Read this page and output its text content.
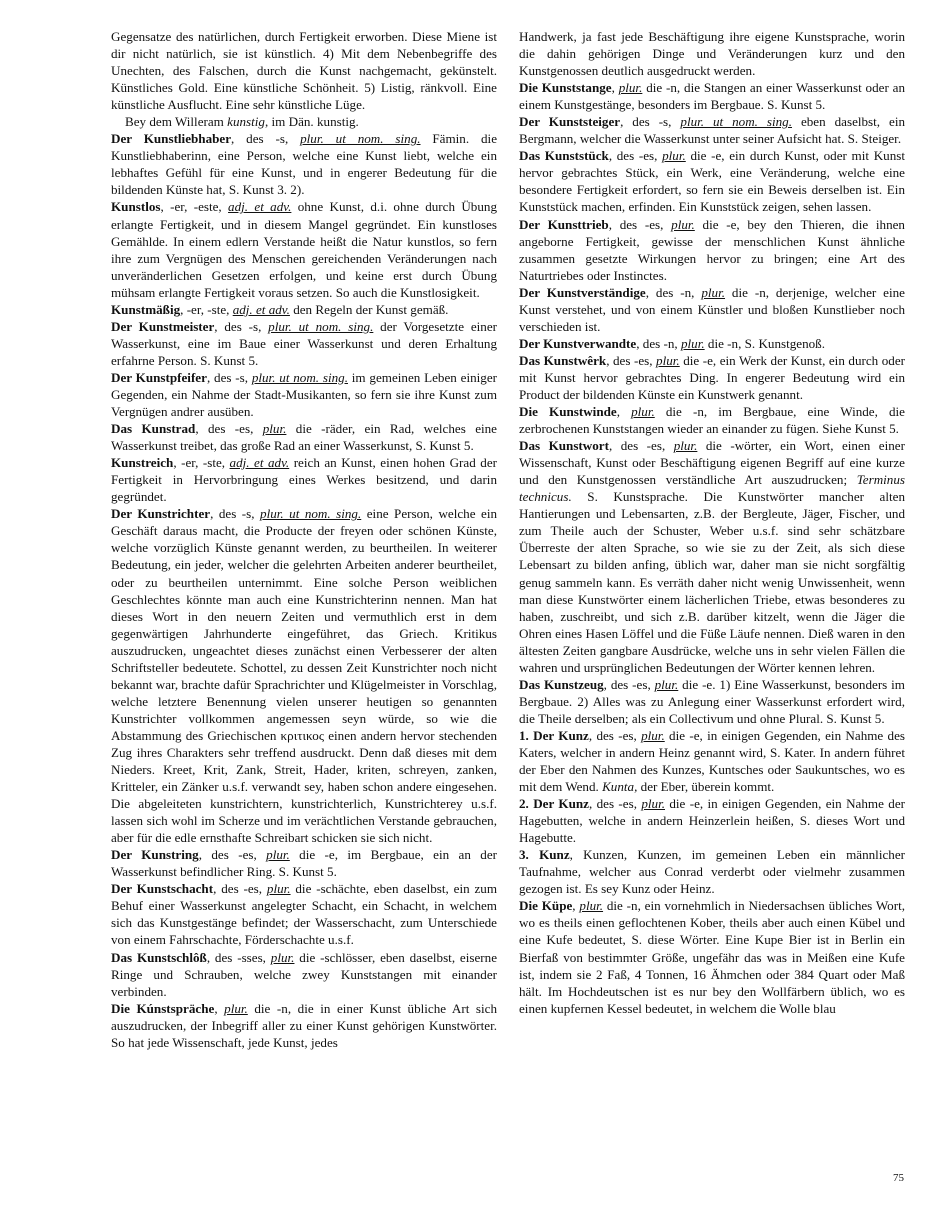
Gegensatze des natürlichen, durch Fertigkeit erworben. Diese Miene ist dir nicht natürlich, sie ist künstlich. 4) Mit dem Nebenbegriffe des Unechten, des Falschen, durch die Kunst nachgemacht, gekünstelt. Künstliches Gold. Eine künstliche Schönheit. 5) Listig, ränkvoll. Eine künstliche Ausflucht. Eine sehr künstliche Lüge.

Bey dem Willeram kunstig, im Dän. kunstig.

Der Kunstliebhaber, des -s, plur. ut nom. sing. Fämin. die Kunstliebhaberinn, eine Person, welche eine Kunst liebt, welche ein lebhaftes Gefühl für eine Kunst, und in engerer Bedeutung für die bildenden Künste hat, S. Kunst 3. 2).

Kunstlos, -er, -este, adj. et adv. ohne Kunst, d.i. ohne durch Übung erlangte Fertigkeit, und in diesem Mangel gegründet. Ein kunstloses Gemählde. In einem edlern Verstande heißt die Natur kunstlos, so fern ihre zum Vergnügen des Menschen gereichenden Veränderungen nach unveränderlichen Gesetzen erfolgen, und keine erst durch Übung mühsam erlangte Fertigkeit voraus setzen. So auch die Kunstlosigkeit.

Kunstmäßig, -er, -ste, adj. et adv. den Regeln der Kunst gemäß.

Der Kunstmeister, des -s, plur. ut nom. sing. der Vorgesetzte einer Wasserkunst, eine im Baue einer Wasserkunst und deren Erhaltung erfahrne Person. S. Kunst 5.

Der Kunstpfeifer, des -s, plur. ut nom. sing. im gemeinen Leben einiger Gegenden, ein Nahme der Stadt-Musikanten, so fern sie ihre Kunst zum Vergnügen andrer ausüben.

Das Kunstrad, des -es, plur. die -räder, ein Rad, welches eine Wasserkunst treibet, das große Rad an einer Wasserkunst, S. Kunst 5.

Kunstreich, -er, -ste, adj. et adv. reich an Kunst, einen hohen Grad der Fertigkeit in Hervorbringung eines Werkes besitzend, und darin gegründet.

Der Kunstrichter, des -s, plur. ut nom. sing. eine Person, welche ein Geschäft daraus macht, die Producte der freyen oder schönen Künste, welche vorzüglich Künste genannt werden, zu beurtheilen. In weiterer Bedeutung, ein jeder, welcher die gelehrten Arbeiten anderer beurtheilet, oder zu beurtheilen unternimmt. Eine solche Person weiblichen Geschlechtes könnte man auch eine Kunstrichterinn nennen. Man hat dieses Wort in den neuern Zeiten und vermuthlich erst in dem gegenwärtigen Jahrhunderte eingeführet, das Griech. Kritikus auszudrucken, ungeachtet dieses zunächst einen Verbesserer der alten Schriftsteller bedeutete. Schottel, zu dessen Zeit Kunstrichter noch nicht bekannt war, brachte dafür Sprachrichter und Klügelmeister in Vorschlag, welche letztere Benennung vielen unserer heutigen so genannten Kunstrichter vollkommen angemessen seyn würde, so wie die Abstammung des Griechischen κριτικος einen andern hervor stechenden Zug ihres Charakters sehr treffend ausdruckt. Denn daß dieses mit dem Nieders. Kreet, Krit, Zank, Streit, Hader, kriten, schreyen, zanken, Kritteler, ein Zänker u.s.f. verwandt sey, haben schon andere eingesehen. Die abgeleiteten kunstrichtern, kunstrichterlich, Kunstrichterey u.s.f. lassen sich wohl im Scherze und im verächtlichen Verstande gebrauchen, aber für die edle ernsthafte Schreibart schicken sie sich nicht.

Der Kunstring, des -es, plur. die -e, im Bergbaue, ein an der Wasserkunst befindlicher Ring. S. Kunst 5.

Der Kunstschacht, des -es, plur. die -schächte, eben daselbst, ein zum Behuf einer Wasserkunst angelegter Schacht, ein Schacht, in welchem sich das Kunstgestänge befindet; der Wasserschacht, zum Unterschiede von einem Fahrschachte, Förderschachte u.s.f.

Das Kunstschlôß, des -sses, plur. die -schlösser, eben daselbst, eiserne Ringe und Schrauben, welche zwey Kunststangen mit einander verbinden.

Die Kúnstspräche, plur. die -n, die in einer Kunst übliche Art sich auszudrucken, der Inbegriff aller zu einer Kunst gehörigen Kunstwörter. So hat jede Wissenschaft, jede Kunst, jedes

Handwerk, ja fast jede Beschäftigung ihre eigene Kunstsprache, worin die dahin gehörigen Dinge und Veränderungen kurz und den Kunstgenossen deutlich ausgedruckt werden.

Die Kunststange, plur. die -n, die Stangen an einer Wasserkunst oder an einem Kunstgestänge, besonders im Bergbaue. S. Kunst 5.

Der Kunststeiger, des -s, plur. ut nom. sing. eben daselbst, ein Bergmann, welcher die Wasserkunst unter seiner Aufsicht hat. S. Steiger.

Das Kunststück, des -es, plur. die -e, ein durch Kunst, oder mit Kunst hervor gebrachtes Stück, ein Werk, eine Veränderung, welche eine besondere Fertigkeit erfordert, so fern sie ein Beweis derselben ist. Ein Kunststück machen, erfinden. Ein Kunststück zeigen, sehen lassen.

Der Kunsttrieb, des -es, plur. die -e, bey den Thieren, die ihnen angeborne Fertigkeit, gewisse der menschlichen Kunst ähnliche zusammen gesetzte Wirkungen hervor zu bringen; eine Art des Naturtriebes oder Instinctes.

Der Kunstverständige, des -n, plur. die -n, derjenige, welcher eine Kunst verstehet, und von einem Künstler und bloßen Kunstlieber noch verschieden ist.

Der Kunstverwandte, des -n, plur. die -n, S. Kunstgenoß.

Das Kunstwêrk, des -es, plur. die -e, ein Werk der Kunst, ein durch oder mit Kunst hervor gebrachtes Ding. In engerer Bedeutung wird ein Product der bildenden Künste ein Kunstwerk genannt.

Die Kunstwinde, plur. die -n, im Bergbaue, eine Winde, die zerbrochenen Kunststangen wieder an einander zu fügen. Siehe Kunst 5.

Das Kunstwort, des -es, plur. die -wörter, ein Wort, einen einer Wissenschaft, Kunst oder Beschäftigung eigenen Begriff auf eine kurze und den Kunstgenossen verständliche Art auszudrucken; Terminus technicus. S. Kunstsprache. Die Kunstwörter mancher alten Hantierungen und Lebensarten, z.B. der Bergleute, Jäger, Fischer, und zum Theile auch der Schuster, Weber u.s.f. sind sehr schätzbare Überreste der alten Sprache, so wie sie zu der Zeit, als sich diese Lebensart zu bilden anfing, üblich war, daher man sie nicht sorgfältig genug sammeln kann. Es verräth daher nicht wenig Unwissenheit, wenn man diese Kunstwörter einem lächerlichen Triebe, etwas besonderes zu haben, zuschreibt, und sich z.B. darüber kitzelt, wenn die Jäger die Ohren eines Hasen Löffel und die Füße Läufe nennen. Dieß waren in den ältesten Zeiten gangbare Ausdrücke, welche uns in sehr vielen Fällen die wahren und ursprünglichen Bedeutungen der Wörter kennen lehren.

Das Kunstzeug, des -es, plur. die -e. 1) Eine Wasserkunst, besonders im Bergbaue. 2) Alles was zu Anlegung einer Wasserkunst erfordert wird, die Theile derselben; als ein Collectivum und ohne Plural. S. Kunst 5.

1. Der Kunz, des -es, plur. die -e, in einigen Gegenden, ein Nahme des Katers, welcher in andern Heinz genannt wird, S. Kater. In andern führet der Eber den Nahmen des Kunzes, Kuntsches oder Saukuntsches, wo es mit dem Wend. Kunta, der Eber, überein kommt.

2. Der Kunz, des -es, plur. die -e, in einigen Gegenden, ein Nahme der Hagebutten, welche in andern Heinzerlein heißen, S. dieses Wort und Hagebutte.

3. Kunz, Kunzen, Kunzen, im gemeinen Leben ein männlicher Taufnahme, welcher aus Conrad verderbt oder vielmehr zusammen gezogen ist. Es sey Kunz oder Heinz.

Die Küpe, plur. die -n, ein vornehmlich in Niedersachsen übliches Wort, wo es theils einen geflochtenen Kober, theils aber auch einen Kübel und eine Kufe bedeutet, S. diese Wörter. Eine Kupe Bier ist in Berlin ein Bierfaß von bestimmter Größe, ungefähr das was in Meißen eine Kufe ist, indem sie 2 Faß, 4 Tonnen, 16 Ähmchen oder 384 Quart oder Maß hält. Im Hochdeutschen ist es nur bey den Wollfärbern üblich, wo es einen kupfernen Kessel bedeutet, in welchem die Wolle blau

75
